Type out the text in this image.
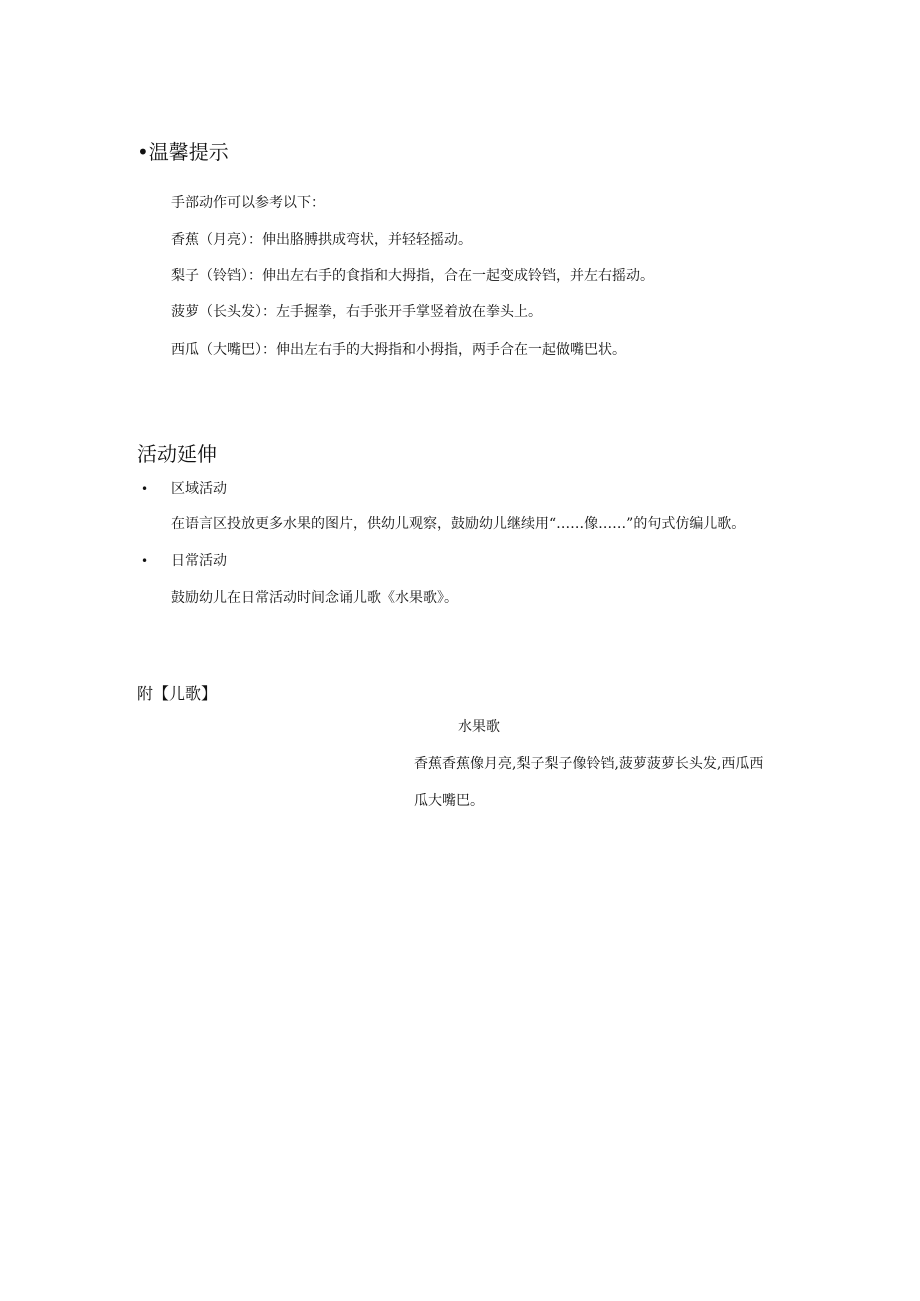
•温馨提示
手部动作可以参考以下：
香蕉（月亮）：伸出胳膊拱成弯状，并轻轻摇动。
梨子（铃铛）：伸出左右手的食指和大拇指，合在一起变成铃铛，并左右摇动。
菠萝（长头发）：左手握拳，右手张开手掌竖着放在拳头上。
西瓜（大嘴巴）：伸出左右手的大拇指和小拇指，两手合在一起做嘴巴状。
活动延伸
• 区域活动
在语言区投放更多水果的图片，供幼儿观察，鼓励幼儿继续用“……像……”的句式仿编儿歌。
• 日常活动
鼓励幼儿在日常活动时间念诵儿歌《水果歌》。
附【儿歌】
水果歌
香蕉香蕉像月亮,梨子梨子像铃铛,菠萝菠萝长头发,西瓜西
瓜大嘴巴。
